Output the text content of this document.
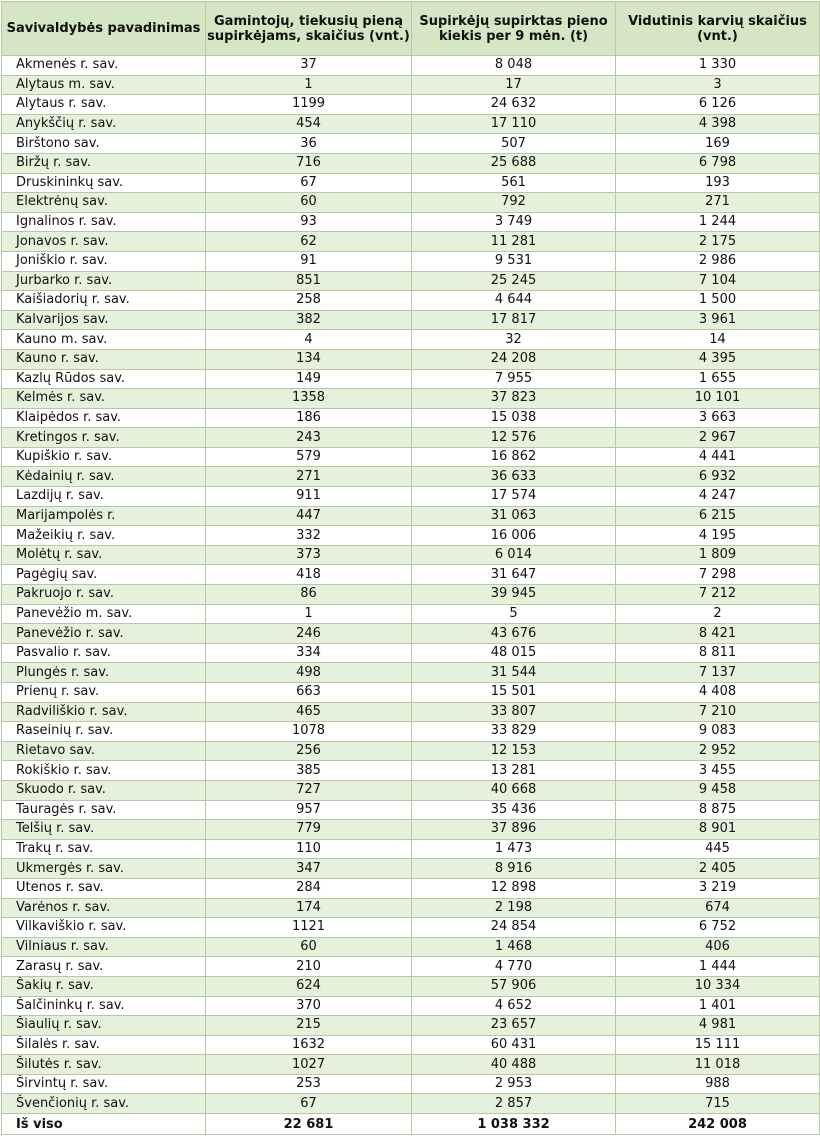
Savivaldybės pavadinimas	Gamintojų, tiekusių pieną supirkėjams, skaičius (vnt.)	Supirkėjų supirktas pieno kiekis per 9 mėn. (t)	Vidutinis karvių skaičius (vnt.)
Akmenės r. sav.	37	8 048	1 330
Alytaus m. sav.	1	17	3
Alytaus r. sav.	1199	24 632	6 126
Anykščių r. sav.	454	17 110	4 398
Birštono sav.	36	507	169
Biržų r. sav.	716	25 688	6 798
Druskininkų sav.	67	561	193
Elektrėnų sav.	60	792	271
Ignalinos r. sav.	93	3 749	1 244
Jonavos r. sav.	62	11 281	2 175
Joniškio r. sav.	91	9 531	2 986
Jurbarko r. sav.	851	25 245	7 104
Kaišiadorių r. sav.	258	4 644	1 500
Kalvarijos sav.	382	17 817	3 961
Kauno m. sav.	4	32	14
Kauno r. sav.	134	24 208	4 395
Kazlų Rūdos sav.	149	7 955	1 655
Kelmės r. sav.	1358	37 823	10 101
Klaipėdos r. sav.	186	15 038	3 663
Kretingos r. sav.	243	12 576	2 967
Kupiškio r. sav.	579	16 862	4 441
Kėdainių r. sav.	271	36 633	6 932
Lazdijų r. sav.	911	17 574	4 247
Marijampolės r.	447	31 063	6 215
Mažeikių r. sav.	332	16 006	4 195
Molėtų r. sav.	373	6 014	1 809
Pagėgių sav.	418	31 647	7 298
Pakruojo r. sav.	86	39 945	7 212
Panevėžio m. sav.	1	5	2
Panevėžio r. sav.	246	43 676	8 421
Pasvalio r. sav.	334	48 015	8 811
Plungės r. sav.	498	31 544	7 137
Prienų r. sav.	663	15 501	4 408
Radviliškio r. sav.	465	33 807	7 210
Raseinių r. sav.	1078	33 829	9 083
Rietavo sav.	256	12 153	2 952
Rokiškio r. sav.	385	13 281	3 455
Skuodo r. sav.	727	40 668	9 458
Tauragės r. sav.	957	35 436	8 875
Telšių r. sav.	779	37 896	8 901
Trakų r. sav.	110	1 473	445
Ukmergės r. sav.	347	8 916	2 405
Utenos r. sav.	284	12 898	3 219
Varėnos r. sav.	174	2 198	674
Vilkaviškio r. sav.	1121	24 854	6 752
Vilniaus r. sav.	60	1 468	406
Zarasų r. sav.	210	4 770	1 444
Šakių r. sav.	624	57 906	10 334
Šalčininkų r. sav.	370	4 652	1 401
Šiaulių r. sav.	215	23 657	4 981
Šilalės r. sav.	1632	60 431	15 111
Šilutės r. sav.	1027	40 488	11 018
Širvintų r. sav.	253	2 953	988
Švenčionių r. sav.	67	2 857	715
Iš viso	22 681	1 038 332	242 008
